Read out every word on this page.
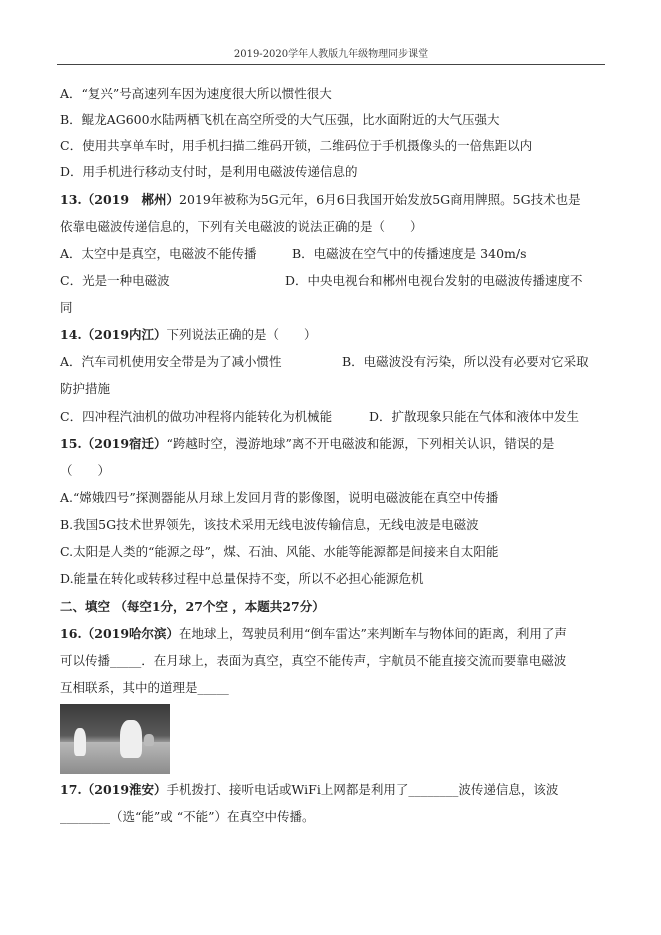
2019-2020学年人教版九年级物理同步课堂
A．“复兴”号高速列车因为速度很大所以惯性很大
B．鲲龙AG600水陆两栖飞机在高空所受的大气压强，比水面附近的大气压强大
C．使用共享单车时，用手机扫描二维码开锁，二维码位于手机摄像头的一倍焦距以内
D．用手机进行移动支付时，是利用电磁波传递信息的
13.（2019　郴州）2019年被称为5G元年，6月6日我国开始发放5G商用牌照。5G技术也是
依靠电磁波传递信息的，下列有关电磁波的说法正确的是（　　）
A．太空中是真空，电磁波不能传播	B．电磁波在空气中的传播速度是 340m/s
C．光是一种电磁波	D．中央电视台和郴州电视台发射的电磁波传播速度不
同
14.（2019内江）下列说法正确的是（　　）
A．汽车司机使用安全带是为了减小惯性	B．电磁波没有污染，所以没有必要对它采取
防护措施
C．四冲程汽油机的做功冲程将内能转化为机械能	D．扩散现象只能在气体和液体中发生
15.（2019宿迁）“跨越时空，漫游地球”离不开电磁波和能源，下列相关认识，错误的是
（　　）
A.“嫦娥四号”探测器能从月球上发回月背的影像图，说明电磁波能在真空中传播
B.我国5G技术世界领先，该技术采用无线电波传输信息，无线电波是电磁波
C.太阳是人类的“能源之母”，煤、石油、风能、水能等能源都是间接来自太阳能
D.能量在转化或转移过程中总量保持不变，所以不必担心能源危机
二、填空 （每空1分，27个空 ，本题共27分）
16.（2019哈尔滨）在地球上，驾驶员利用“倒车雷达”来判断车与物体间的距离，利用了声
可以传播_____．在月球上，表面为真空，真空不能传声，宇航员不能直接交流而要靠电磁波
互相联系，其中的道理是_____
17.（2019淮安）手机拨打、接听电话或WiFi上网都是利用了________波传递信息，该波
________（选“能”或 “不能”）在真空中传播。
